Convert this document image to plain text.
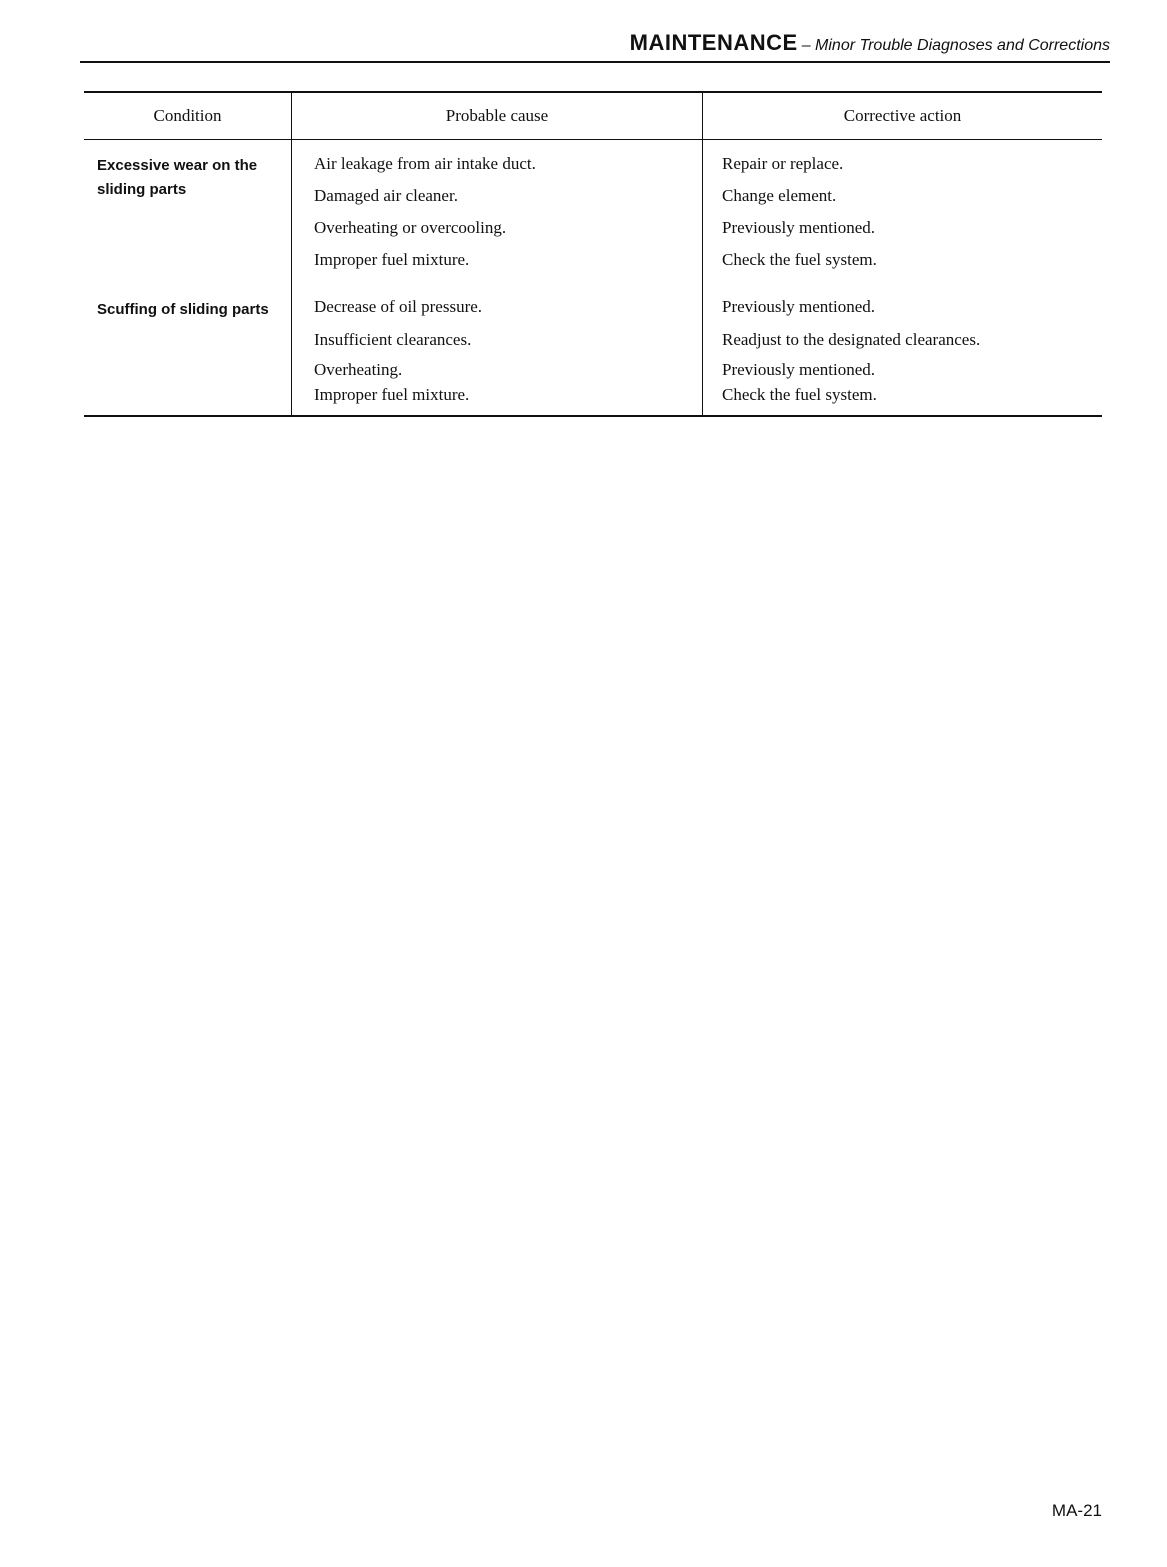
MAINTENANCE – Minor Trouble Diagnoses and Corrections
Condition	Probable cause	Corrective action
Excessive wear on the sliding parts
Air leakage from air intake duct.	Repair or replace.
Damaged air cleaner.	Change element.
Overheating or overcooling.	Previously mentioned.
Improper fuel mixture.	Check the fuel system.
Scuffing of sliding parts	Decrease of oil pressure.	Previously mentioned.
Insufficient clearances.	Readjust to the designated clearances.
Overheating.	Previously mentioned.
Improper fuel mixture.	Check the fuel system.
MA-21
